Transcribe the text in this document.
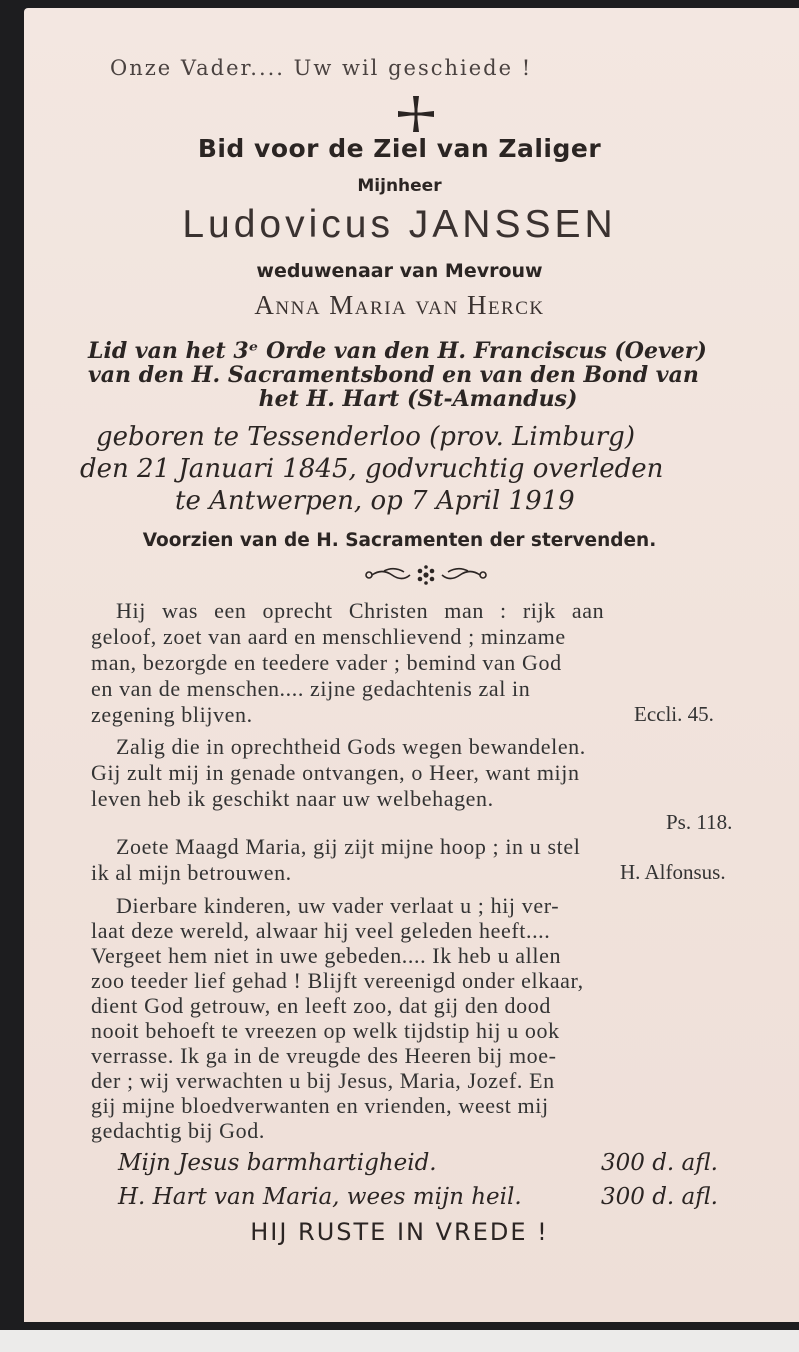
Onze Vader.... Uw wil geschiede !
Bid voor de Ziel van Zaliger
Mijnheer
Ludovicus JANSSEN
weduwenaar van Mevrouw
Anna Maria van Herck
Lid van het 3ᵉ Orde van den H. Franciscus (Oever)
van den H. Sacramentsbond en van den Bond van
het H. Hart (St-Amandus)
geboren te Tessenderloo (prov. Limburg)
den 21 Januari 1845, godvruchtig overleden
te Antwerpen, op 7 April 1919
Voorzien van de H. Sacramenten der stervenden.
Hij was een oprecht Christen man : rijk aan
geloof, zoet van aard en menschlievend ; minzame
man, bezorgde en teedere vader ; bemind van God
en van de menschen.... zijne gedachtenis zal in
zegening blijven.	Eccli. 45.
Zalig die in oprechtheid Gods wegen bewandelen.
Gij zult mij in genade ontvangen, o Heer, want mijn
leven heb ik geschikt naar uw welbehagen.
Ps. 118.
Zoete Maagd Maria, gij zijt mijne hoop ; in u stel
ik al mijn betrouwen.	H. Alfonsus.
Dierbare kinderen, uw vader verlaat u ; hij ver-
laat deze wereld, alwaar hij veel geleden heeft....
Vergeet hem niet in uwe gebeden.... Ik heb u allen
zoo teeder lief gehad ! Blijft vereenigd onder elkaar,
dient God getrouw, en leeft zoo, dat gij den dood
nooit behoeft te vreezen op welk tijdstip hij u ook
verrasse. Ik ga in de vreugde des Heeren bij moe-
der ; wij verwachten u bij Jesus, Maria, Jozef. En
gij mijne bloedverwanten en vrienden, weest mij
gedachtig bij God.
Mijn Jesus barmhartigheid.	300 d. afl.
H. Hart van Maria, wees mijn heil.	300 d. afl.
HIJ RUSTE IN VREDE !
